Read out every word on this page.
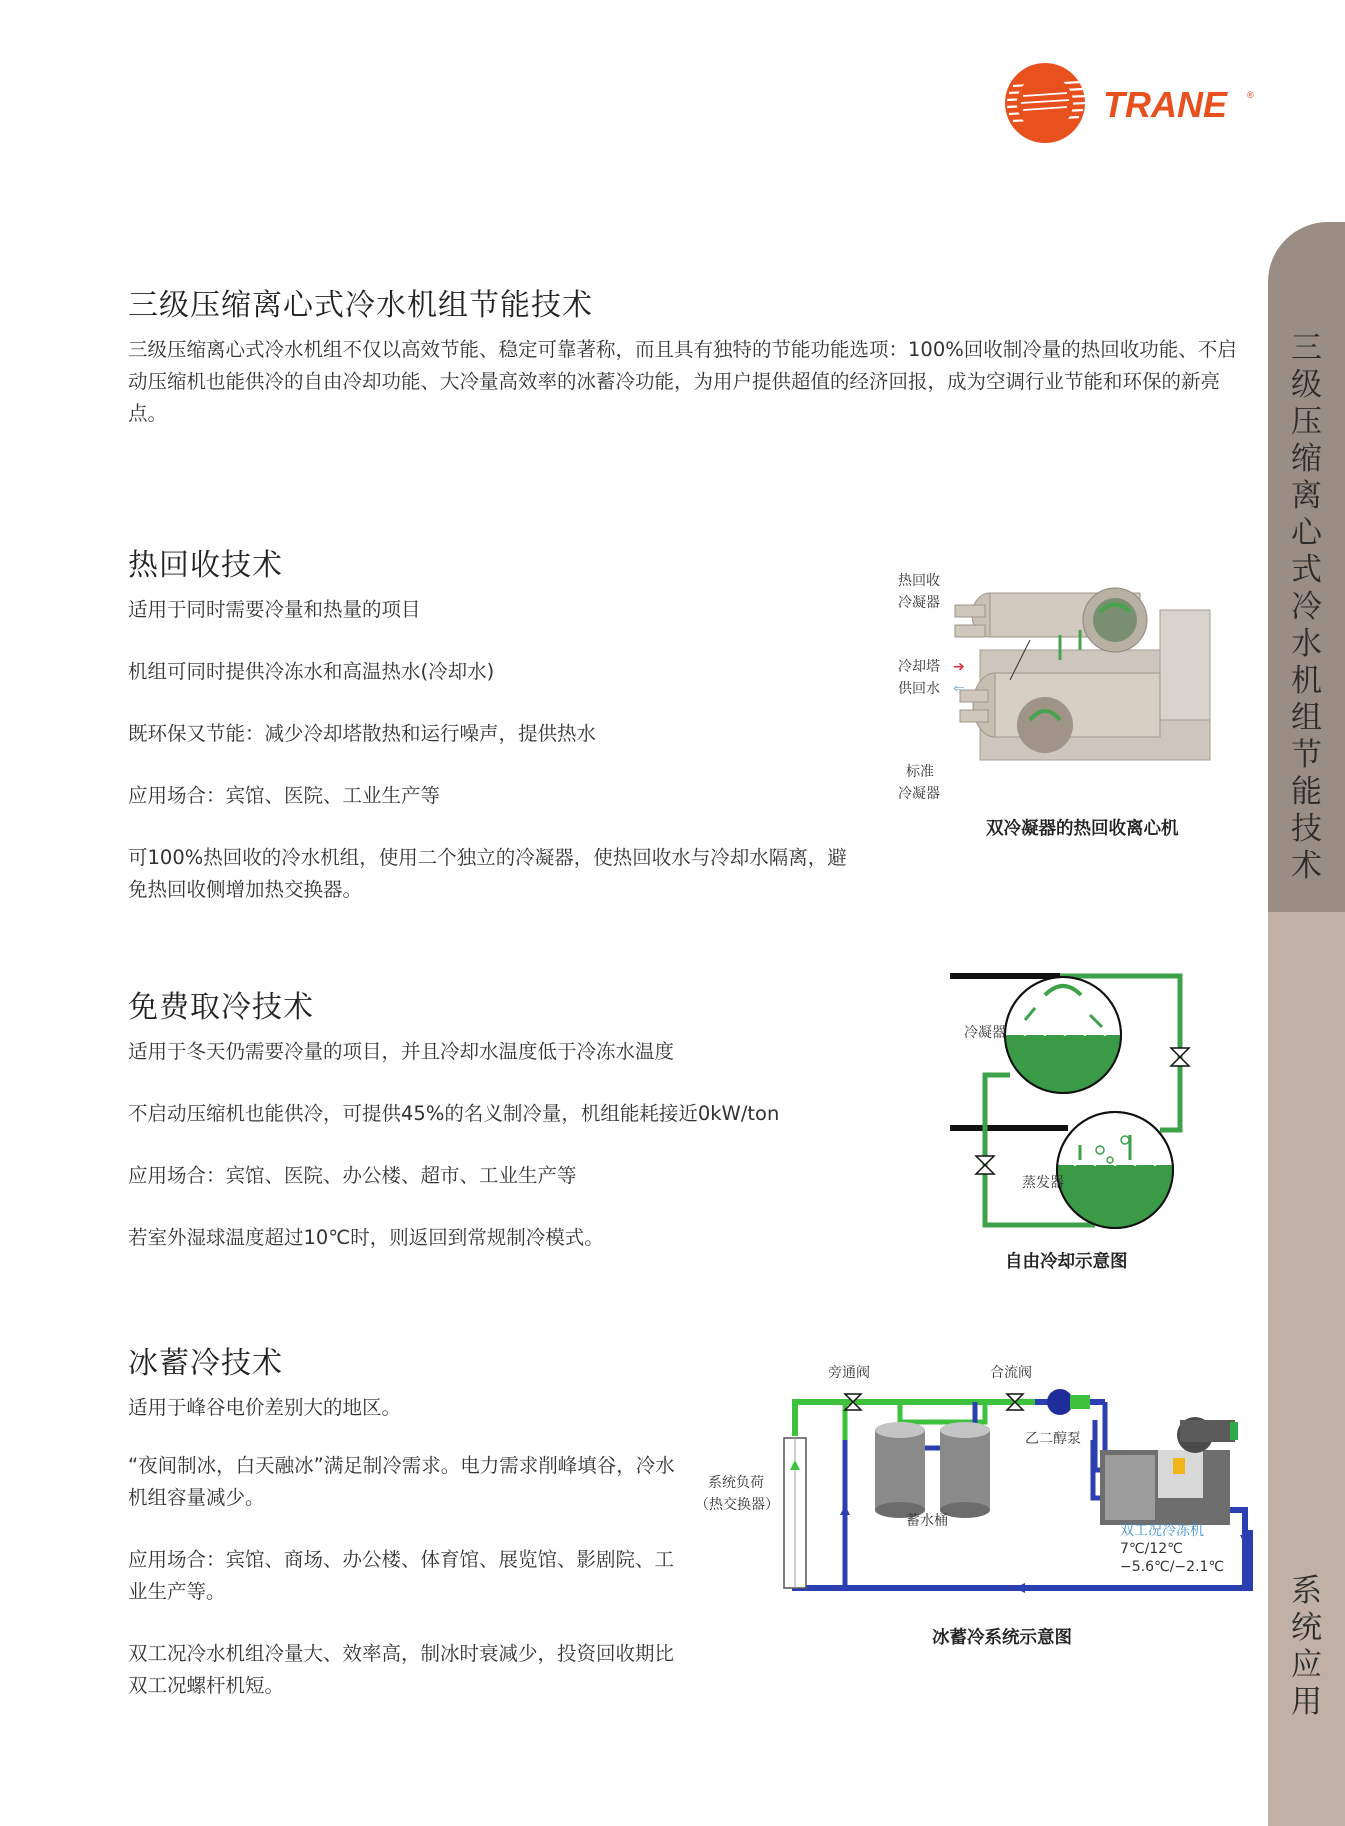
TRANE ®
三级压缩离心式冷水机组节能技术
系统应用
三级压缩离心式冷水机组节能技术
三级压缩离心式冷水机组不仅以高效节能、稳定可靠著称，而且具有独特的节能功能选项：100%回收制冷量的热回收功能、不启动压缩机也能供冷的自由冷却功能、大冷量高效率的冰蓄冷功能，为用户提供超值的经济回报，成为空调行业节能和环保的新亮点。
热回收技术
适用于同时需要冷量和热量的项目
机组可同时提供冷冻水和高温热水(冷却水)
既环保又节能：减少冷却塔散热和运行噪声，提供热水
应用场合：宾馆、医院、工业生产等
可100%热回收的冷水机组，使用二个独立的冷凝器，使热回收水与冷却水隔离，避免热回收侧增加热交换器。
热回收
冷凝器
冷却塔
供回水
➔
⇐
标准
冷凝器
双冷凝器的热回收离心机
免费取冷技术
适用于冬天仍需要冷量的项目，并且冷却水温度低于冷冻水温度
不启动压缩机也能供冷，可提供45%的名义制冷量，机组能耗接近0kW/ton
应用场合：宾馆、医院、办公楼、超市、工业生产等
若室外湿球温度超过10℃时，则返回到常规制冷模式。
冷凝器
蒸发器
自由冷却示意图
冰蓄冷技术
适用于峰谷电价差别大的地区。
“夜间制冰，白天融冰”满足制冷需求。电力需求削峰填谷，冷水机组容量减少。
应用场合：宾馆、商场、办公楼、体育馆、展览馆、影剧院、工业生产等。
双工况冷水机组冷量大、效率高，制冰时衰减少，投资回收期比双工况螺杆机短。
旁通阀	合流阀
乙二醇泵
系统负荷
（热交换器）
蓄水桶
双工况冷冻机
7℃/12℃
−5.6℃/−2.1℃
冰蓄冷系统示意图
